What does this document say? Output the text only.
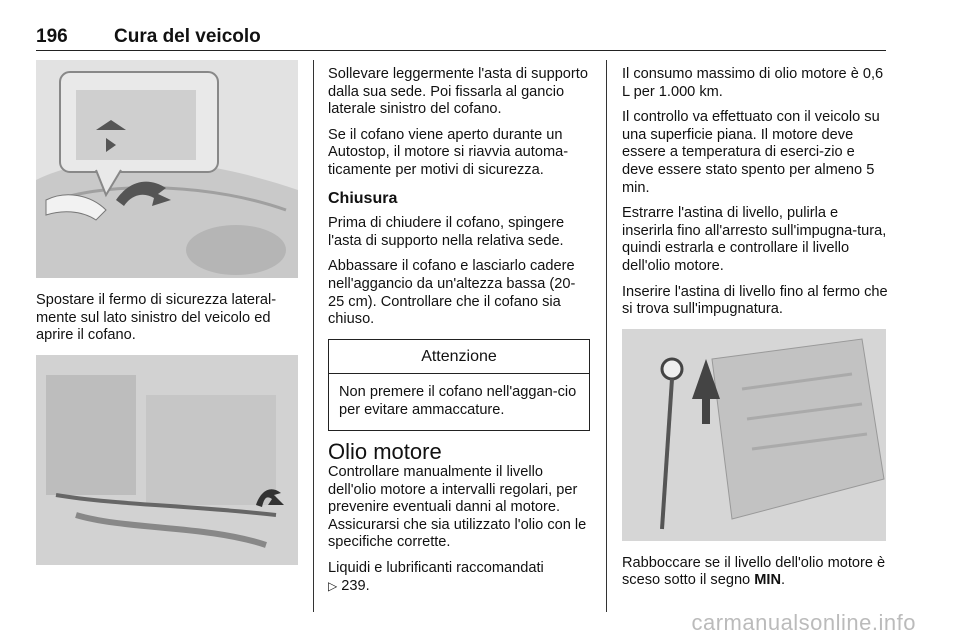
196 Cura del veicolo

Spostare il fermo di sicurezza lateral-mente sul lato sinistro del veicolo ed aprire il cofano.

Sollevare leggermente l'asta di supporto dalla sua sede. Poi fissarla al gancio laterale sinistro del cofano.

Se il cofano viene aperto durante un Autostop, il motore si riavvia automa-ticamente per motivi di sicurezza.

Chiusura

Prima di chiudere il cofano, spingere l'asta di supporto nella relativa sede.

Abbassare il cofano e lasciarlo cadere nell'aggancio da un'altezza bassa (20-25 cm). Controllare che il cofano sia chiuso.

Attenzione
Non premere il cofano nell'aggan-cio per evitare ammaccature.
Olio motore

Controllare manualmente il livello dell'olio motore a intervalli regolari, per prevenire eventuali danni al motore. Assicurarsi che sia utilizzato l'olio con le specifiche corrette.

Liquidi e lubrificanti raccomandati

▷ 239.

Il consumo massimo di olio motore è 0,6 L per 1.000 km.

Il controllo va effettuato con il veicolo su una superficie piana. Il motore deve essere a temperatura di eserci-zio e deve essere stato spento per almeno 5 min.

Estrarre l'astina di livello, pulirla e inserirla fino all'arresto sull'impugna-tura, quindi estrarla e controllare il livello dell'olio motore.

Inserire l'astina di livello fino al fermo che si trova sull'impugnatura.

Rabboccare se il livello dell'olio motore è sceso sotto il segno MIN.

carmanualsonline.info
